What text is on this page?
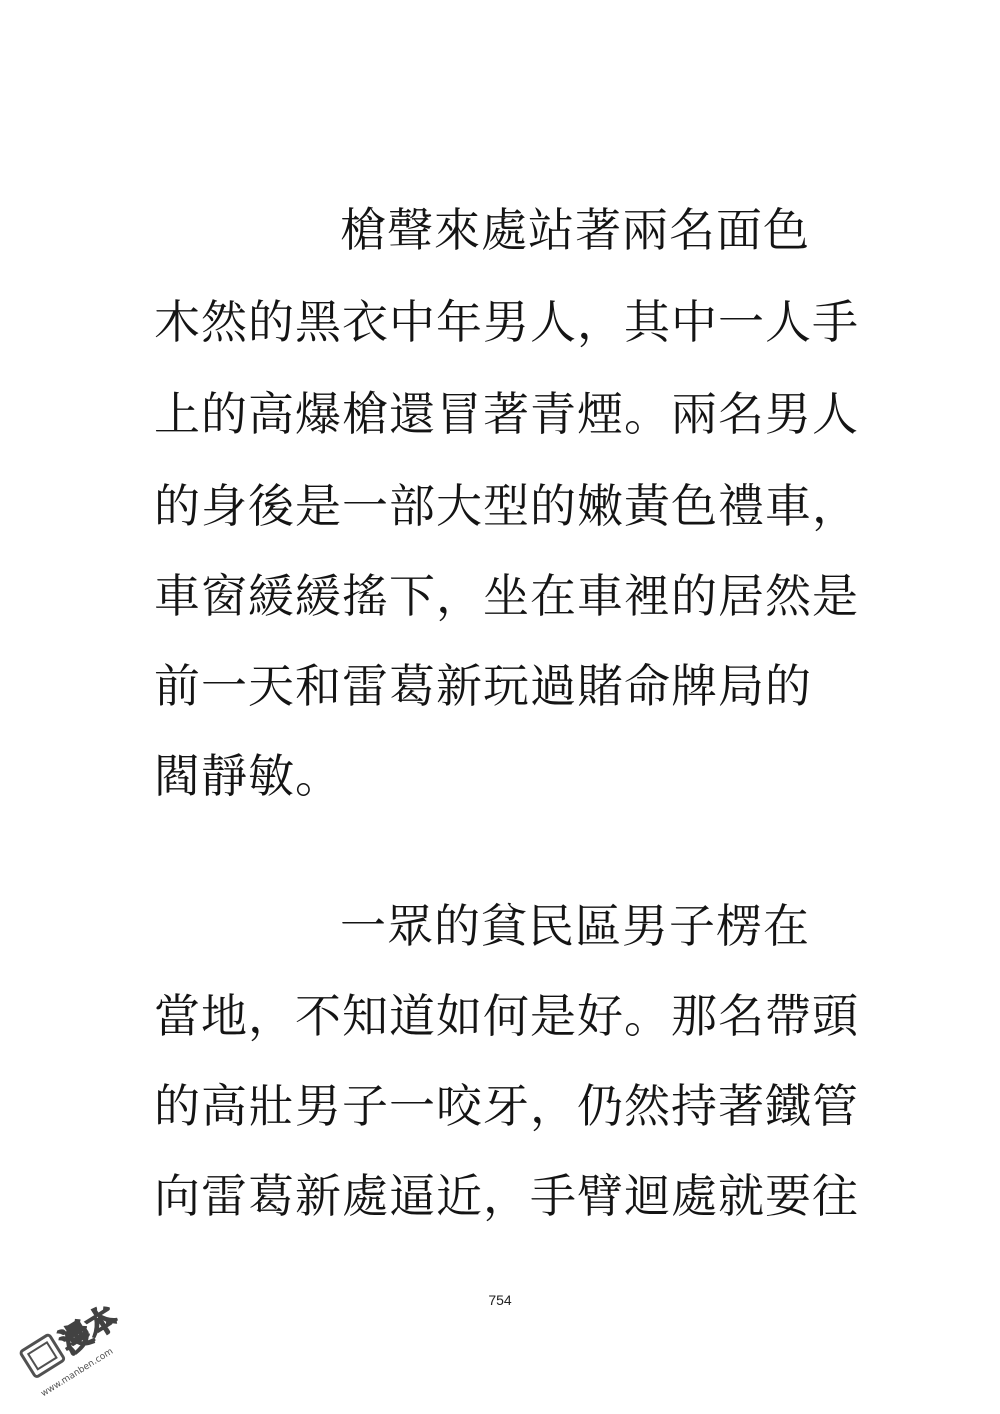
槍聲來處站著兩名面色
木然的黑衣中年男人，其中一人手
上的高爆槍還冒著青煙。兩名男人
的身後是一部大型的嫩黃色禮車，
車窗緩緩搖下，坐在車裡的居然是
前一天和雷葛新玩過賭命牌局的
閻靜敏。
一眾的貧民區男子楞在
當地，不知道如何是好。那名帶頭
的高壯男子一咬牙，仍然持著鐵管
向雷葛新處逼近，手臂迴處就要往
754
漫本
www.manben.com
